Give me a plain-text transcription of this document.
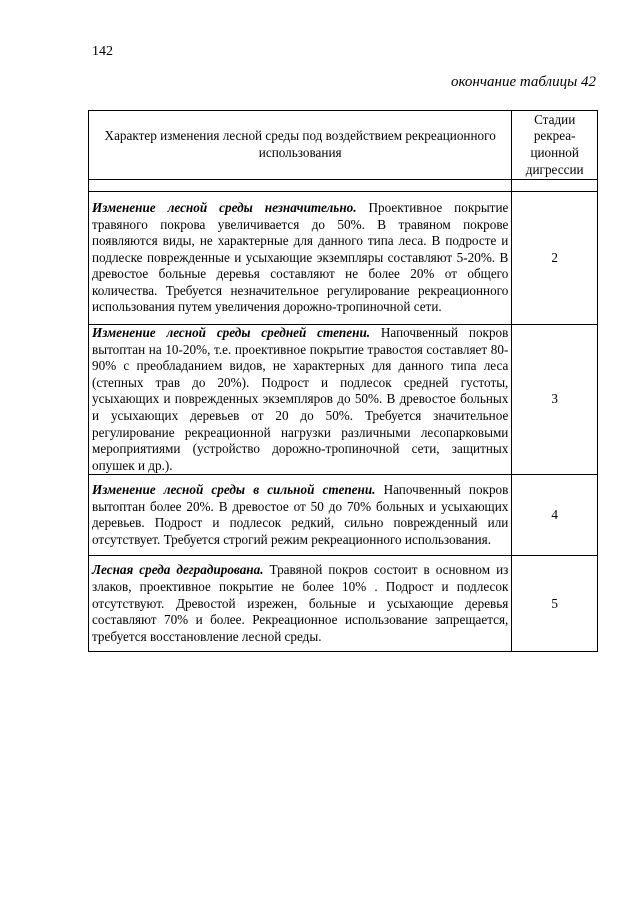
142
окончание таблицы 42
Характер изменения лесной среды под воздействием рекреационного использования	Стадии рекреа-ционной дигрессии

Изменение лесной среды незначительно. Проективное покрытие травяного покрова увеличивается до 50%. В травяном покрове появляются виды, не характерные для данного типа леса. В подросте и подлеске поврежденные и усыхающие экземпляры составляют 5-20%. В древостое больные деревья составляют не более 20% от общего количества. Требуется незначительное регулирование рекреационного использования путем увеличения дорожно-тропиночной сети.	2
Изменение лесной среды средней степени. Напочвенный покров вытоптан на 10-20%, т.е. проективное покрытие травостоя составляет 80-90% с преобладанием видов, не характерных для данного типа леса (степных трав до 20%). Подрост и подлесок средней густоты, усыхающих и поврежденных экземпляров до 50%. В древостое больных и усыхающих деревьев от 20 до 50%. Требуется значительное регулирование рекреационной нагрузки различными лесопарковыми мероприятиями (устройство дорожно-тропиночной сети, защитных опушек и др.).	3
Изменение лесной среды в сильной степени. Напочвенный покров вытоптан более 20%. В древостое от 50 до 70% больных и усыхающих деревьев. Подрост и подлесок редкий, сильно поврежденный или отсутствует. Требуется строгий режим рекреационного использования.	4
Лесная среда деградирована. Травяной покров состоит в основном из злаков, проективное покрытие не более 10% . Подрост и подлесок отсутствуют. Древостой изрежен, больные и усыхающие деревья составляют 70% и более. Рекреационное использование запрещается, требуется восстановление лесной среды.	5
